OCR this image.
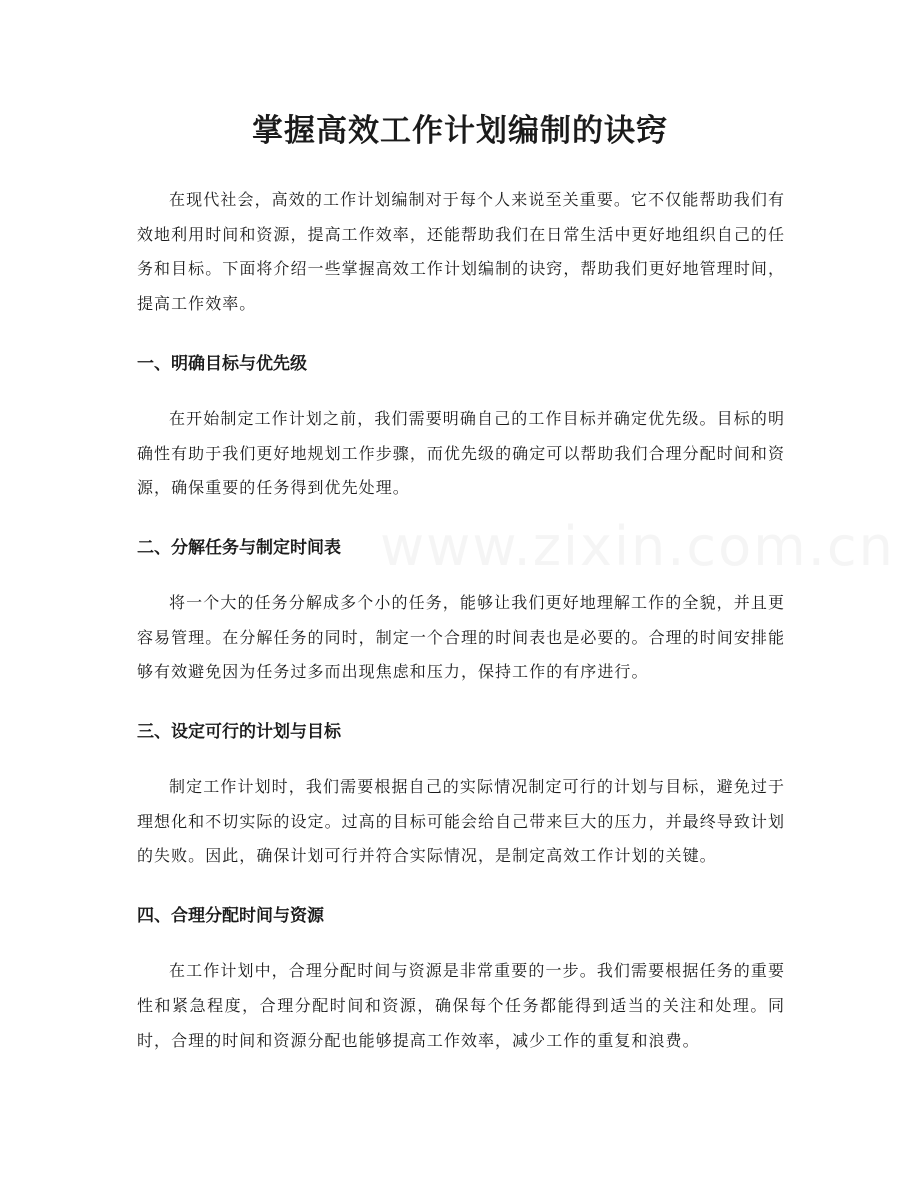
掌握高效工作计划编制的诀窍

在现代社会，高效的工作计划编制对于每个人来说至关重要。它不仅能帮助我们有效地利用时间和资源，提高工作效率，还能帮助我们在日常生活中更好地组织自己的任务和目标。下面将介绍一些掌握高效工作计划编制的诀窍，帮助我们更好地管理时间，提高工作效率。

一、明确目标与优先级

在开始制定工作计划之前，我们需要明确自己的工作目标并确定优先级。目标的明确性有助于我们更好地规划工作步骤，而优先级的确定可以帮助我们合理分配时间和资源，确保重要的任务得到优先处理。

二、分解任务与制定时间表

将一个大的任务分解成多个小的任务，能够让我们更好地理解工作的全貌，并且更容易管理。在分解任务的同时，制定一个合理的时间表也是必要的。合理的时间安排能够有效避免因为任务过多而出现焦虑和压力，保持工作的有序进行。

三、设定可行的计划与目标

制定工作计划时，我们需要根据自己的实际情况制定可行的计划与目标，避免过于理想化和不切实际的设定。过高的目标可能会给自己带来巨大的压力，并最终导致计划的失败。因此，确保计划可行并符合实际情况，是制定高效工作计划的关键。

四、合理分配时间与资源

在工作计划中，合理分配时间与资源是非常重要的一步。我们需要根据任务的重要性和紧急程度，合理分配时间和资源，确保每个任务都能得到适当的关注和处理。同时，合理的时间和资源分配也能够提高工作效率，减少工作的重复和浪费。

www.zixin.com.cn
